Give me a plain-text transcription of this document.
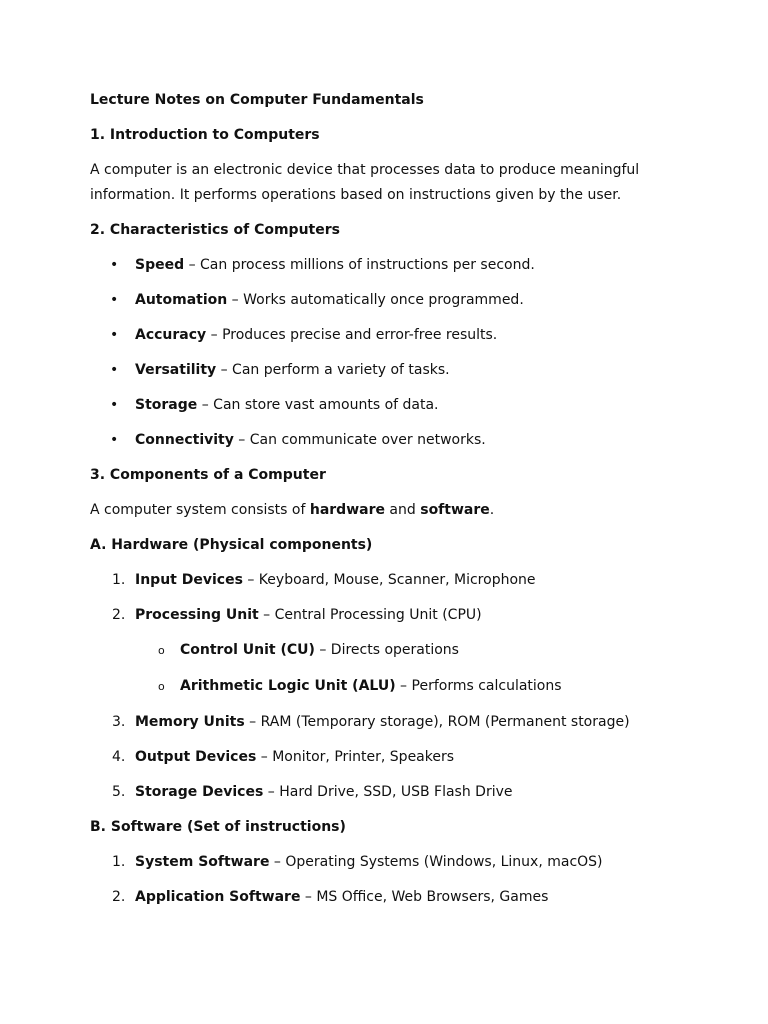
Lecture Notes on Computer Fundamentals
1. Introduction to Computers
A computer is an electronic device that processes data to produce meaningful
information. It performs operations based on instructions given by the user.
2. Characteristics of Computers
• Speed – Can process millions of instructions per second.
• Automation – Works automatically once programmed.
• Accuracy – Produces precise and error-free results.
• Versatility – Can perform a variety of tasks.
• Storage – Can store vast amounts of data.
• Connectivity – Can communicate over networks.
3. Components of a Computer
A computer system consists of hardware and software.
A. Hardware (Physical components)
1. Input Devices – Keyboard, Mouse, Scanner, Microphone
2. Processing Unit – Central Processing Unit (CPU)
o Control Unit (CU) – Directs operations
o Arithmetic Logic Unit (ALU) – Performs calculations
3. Memory Units – RAM (Temporary storage), ROM (Permanent storage)
4. Output Devices – Monitor, Printer, Speakers
5. Storage Devices – Hard Drive, SSD, USB Flash Drive
B. Software (Set of instructions)
1. System Software – Operating Systems (Windows, Linux, macOS)
2. Application Software – MS Office, Web Browsers, Games
